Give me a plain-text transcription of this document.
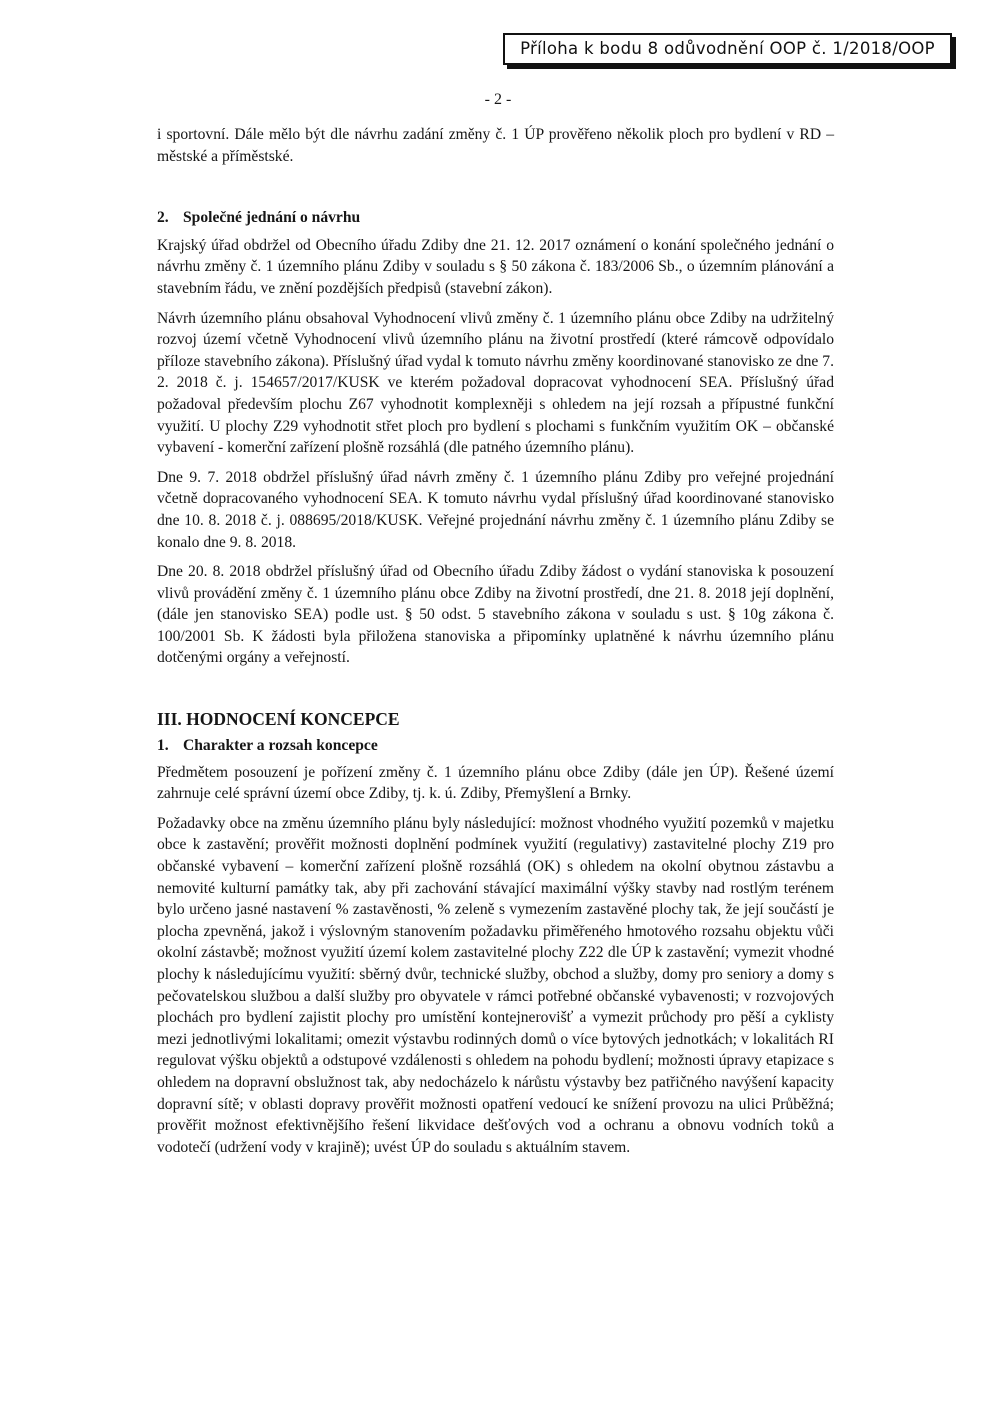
Příloha k bodu 8 odůvodnění OOP č. 1/2018/OOP
- 2 -

i sportovní. Dále mělo být dle návrhu zadání změny č. 1 ÚP prověřeno několik ploch pro bydlení v RD – městské a příměstské.

2. Společné jednání o návrhu

Krajský úřad obdržel od Obecního úřadu Zdiby dne 21. 12. 2017 oznámení o konání společného jednání o návrhu změny č. 1 územního plánu Zdiby v souladu s § 50 zákona č. 183/2006 Sb., o územním plánování a stavebním řádu, ve znění pozdějších předpisů (stavební zákon).

Návrh územního plánu obsahoval Vyhodnocení vlivů změny č. 1 územního plánu obce Zdiby na udržitelný rozvoj území včetně Vyhodnocení vlivů územního plánu na životní prostředí (které rámcově odpovídalo příloze stavebního zákona). Příslušný úřad vydal k tomuto návrhu změny koordinované stanovisko ze dne 7. 2. 2018 č. j. 154657/2017/KUSK ve kterém požadoval dopracovat vyhodnocení SEA. Příslušný úřad požadoval především plochu Z67 vyhodnotit komplexněji s ohledem na její rozsah a přípustné funkční využití. U plochy Z29 vyhodnotit střet ploch pro bydlení s plochami s funkčním využitím OK – občanské vybavení - komerční zařízení plošně rozsáhlá (dle patného územního plánu).

Dne 9. 7. 2018 obdržel příslušný úřad návrh změny č. 1 územního plánu Zdiby pro veřejné projednání včetně dopracovaného vyhodnocení SEA. K tomuto návrhu vydal příslušný úřad koordinované stanovisko dne 10. 8. 2018 č. j. 088695/2018/KUSK. Veřejné projednání návrhu změny č. 1 územního plánu Zdiby se konalo dne 9. 8. 2018.

Dne 20. 8. 2018 obdržel příslušný úřad od Obecního úřadu Zdiby žádost o vydání stanoviska k posouzení vlivů provádění změny č. 1 územního plánu obce Zdiby na životní prostředí, dne 21. 8. 2018 její doplnění, (dále jen stanovisko SEA) podle ust. § 50 odst. 5 stavebního zákona v souladu s ust. § 10g zákona č. 100/2001 Sb. K žádosti byla přiložena stanoviska a připomínky uplatněné k návrhu územního plánu dotčenými orgány a veřejností.

III. HODNOCENÍ KONCEPCE
1. Charakter a rozsah koncepce

Předmětem posouzení je pořízení změny č. 1 územního plánu obce Zdiby (dále jen ÚP). Řešené území zahrnuje celé správní území obce Zdiby, tj. k. ú. Zdiby, Přemyšlení a Brnky.

Požadavky obce na změnu územního plánu byly následující: možnost vhodného využití pozemků v majetku obce k zastavění; prověřit možnosti doplnění podmínek využití (regulativy) zastavitelné plochy Z19 pro občanské vybavení – komerční zařízení plošně rozsáhlá (OK) s ohledem na okolní obytnou zástavbu a nemovité kulturní památky tak, aby při zachování stávající maximální výšky stavby nad rostlým terénem bylo určeno jasné nastavení % zastavěnosti, % zeleně s vymezením zastavěné plochy tak, že její součástí je plocha zpevněná, jakož i výslovným stanovením požadavku přiměřeného hmotového rozsahu objektu vůči okolní zástavbě; možnost využití území kolem zastavitelné plochy Z22 dle ÚP k zastavění; vymezit vhodné plochy k následujícímu využití: sběrný dvůr, technické služby, obchod a služby, domy pro seniory a domy s pečovatelskou službou a další služby pro obyvatele v rámci potřebné občanské vybavenosti; v rozvojových plochách pro bydlení zajistit plochy pro umístění kontejnerovišť a vymezit průchody pro pěší a cyklisty mezi jednotlivými lokalitami; omezit výstavbu rodinných domů o více bytových jednotkách; v lokalitách RI regulovat výšku objektů a odstupové vzdálenosti s ohledem na pohodu bydlení; možnosti úpravy etapizace s ohledem na dopravní obslužnost tak, aby nedocházelo k nárůstu výstavby bez patřičného navýšení kapacity dopravní sítě; v oblasti dopravy prověřit možnosti opatření vedoucí ke snížení provozu na ulici Průběžná; prověřit možnost efektivnějšího řešení likvidace dešťových vod a ochranu a obnovu vodních toků a vodotečí (udržení vody v krajině); uvést ÚP do souladu s aktuálním stavem.
